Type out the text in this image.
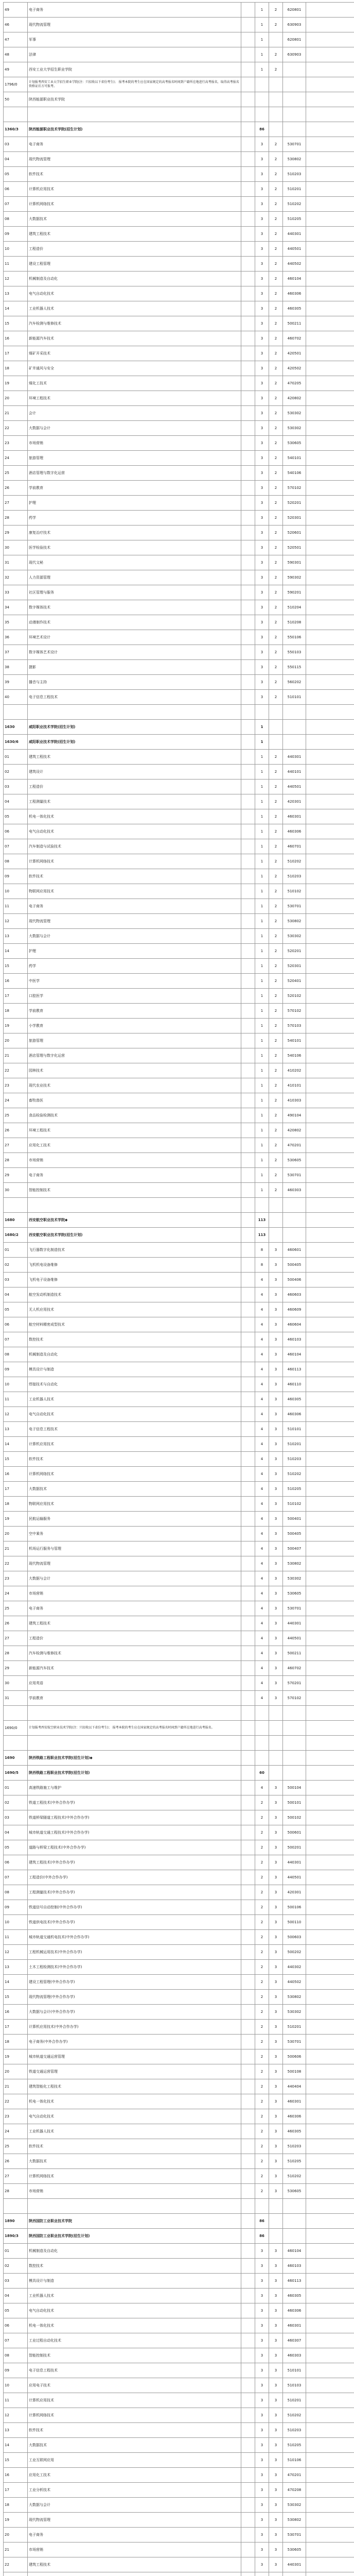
49	电子商务		1	2	620801	
46	现代物流管理		1	2	630903	
47	军事		1		620801	
48	法律		1	2	630903	
49	西安工业大学招生职业学院		1	2		
1796/0	计划报考西安工业大学招生职业学院(注：只招收以下省份考生)； 报考本院的考生应在国家规定的高考报名时间到户籍所在地进行高考报名，取得高考报名资格证后方可报考。					
50	陕西能源职业技术学院					

1360/3	陕西能源职业技术学院(招生计划)		86			
03	电子商务		3	2	530701	
04	现代物流管理		3	2	530802	
05	软件技术		3	2	510203	
06	计算机应用技术		3	2	510201	
07	计算机网络技术		3	2	510202	
08	大数据技术		3	2	510205	
09	建筑工程技术		3	2	440301	
10	工程造价		3	2	440501	
11	建设工程管理		3	2	440502	
12	机械制造及自动化		3	2	460104	
13	电气自动化技术		3	2	460306	
14	工业机器人技术		3	2	460305	
15	汽车检测与维修技术		3	2	500211	
16	新能源汽车技术		3	2	460702	
17	煤矿开采技术		3	2	420501	
18	矿井通风与安全		3	2	420502	
19	煤化工技术		3	2	470205	
20	环境工程技术		3	2	420802	
21	会计		3	2	530302	
22	大数据与会计		3	2	530302	
23	市场营销		3	2	530605	
24	旅游管理		3	2	540101	
25	酒店管理与数字化运营		3	2	540106	
26	学前教育		3	2	570102	
27	护理		3	2	520201	
28	药学		3	2	520301	
29	康复治疗技术		3	2	520601	
30	医学检验技术		3	2	520501	
31	现代文秘		3	2	590301	
32	人力资源管理		3	2	590302	
33	社区管理与服务		3	2	590201	
34	数字媒体技术		3	2	510204	
35	动漫制作技术		3	2	510208	
36	环境艺术设计		3	2	550106	
37	数字媒体艺术设计		3	2	550103	
38	摄影		3	2	550115	
39	播音与主持		3	2	560202	
40	电子信息工程技术		3	2	510101	

1630	咸阳职业技术学院(招生计划)		1			
1630/6	咸阳职业技术学院(招生计划)		1			
01	建筑工程技术		1	2	440301	
02	建筑设计		1	2	440101	
03	工程造价		1	2	440501	
04	工程测量技术		1	2	420301	
05	机电一体化技术		1	2	460301	
06	电气自动化技术		1	2	460306	
07	汽车制造与试验技术		1	2	460701	
08	计算机网络技术		1	2	510202	
09	软件技术		1	2	510203	
10	物联网应用技术		1	2	510102	
11	电子商务		1	2	530701	
12	现代物流管理		1	2	530802	
13	大数据与会计		1	2	530302	
14	护理		1	2	520201	
15	药学		1	2	520301	
16	中医学		1	2	520401	
17	口腔医学		1	2	520102	
18	学前教育		1	2	570102	
19	小学教育		1	2	570103	
20	旅游管理		1	2	540101	
21	酒店管理与数字化运营		1	2	540106	
22	园林技术		1	2	410202	
23	现代农业技术		1	2	410101	
24	畜牧兽医		1	2	410303	
25	食品检验检测技术		1	2	490104	
26	环境工程技术		1	2	420802	
27	应用化工技术		1	2	470201	
28	市场营销		1	2	530605	
29	电子商务		1	2	530701	
30	智能控制技术		1	2	460303	

1680	西安航空职业技术学院◆		113			
1680/2	西安航空职业技术学院(招生计划)		113			
01	飞行器数字化制造技术		8	3	460601	
02	飞机机电设备维修		8	3	500405	
03	飞机电子设备维修		4	3	500406	
04	航空发动机制造技术		4	3	460603	
05	无人机应用技术		4	3	460609	
06	航空材料精密成型技术		4	3	460604	
07	数控技术		4	3	460103	
08	机械制造及自动化		4	3	460104	
09	模具设计与制造		4	3	460113	
10	焊接技术与自动化		4	3	460110	
11	工业机器人技术		4	3	460305	
12	电气自动化技术		4	3	460306	
13	电子信息工程技术		4	3	510101	
14	计算机应用技术		4	3	510201	
15	软件技术		4	3	510203	
16	计算机网络技术		4	3	510202	
17	大数据技术		4	3	510205	
18	物联网应用技术		4	3	510102	
19	民航运输服务		4	3	500401	
20	空中乘务		4	3	500405	
21	机场运行服务与管理		4	3	500407	
22	现代物流管理		4	3	530802	
23	大数据与会计		4	3	530302	
24	市场营销		4	3	530605	
25	电子商务		4	3	530701	
26	建筑工程技术		4	3	440301	
27	工程造价		4	3	440501	
28	汽车检测与维修技术		4	3	500211	
29	新能源汽车技术		4	3	460702	
30	应用英语		4	3	570201	
31	学前教育		4	3	570102	

1690/0	计划报考西安航空职业技术学院(注：只招收以下省份考生)； 报考本院的考生应在国家规定的高考报名时间到户籍所在地进行高考报名。					

1690	陕西铁路工程职业技术学院(招生计划)◆					
1690/5	陕西铁路工程职业技术学院(招生计划)		60			
01	高速铁路施工与维护		4	3	500104	
02	铁道工程技术(中外合作办学)		2	3	500101	
03	铁道桥梁隧道工程技术(中外合作办学)		2	3	500102	
04	城市轨道交通工程技术(中外合作办学)		2	3	500601	
05	道路与桥梁工程技术(中外合作办学)		2	3	500201	
06	建筑工程技术(中外合作办学)		2	3	440301	
07	工程造价(中外合作办学)		2	3	440501	
08	工程测量技术(中外合作办学)		2	3	420301	
09	铁道信号自动控制(中外合作办学)		2	3	500106	
10	铁道供电技术(中外合作办学)		2	3	500110	
11	城市轨道交通机电技术(中外合作办学)		2	3	500603	
12	工程机械运用技术(中外合作办学)		2	3	500202	
13	土木工程检测技术(中外合作办学)		2	3	440302	
14	建设工程管理(中外合作办学)		2	3	440502	
15	现代物流管理(中外合作办学)		2	3	530802	
16	大数据与会计(中外合作办学)		2	3	530302	
17	计算机应用技术(中外合作办学)		2	3	510201	
18	电子商务(中外合作办学)		2	3	530701	
19	城市轨道交通运营管理		2	3	500606	
20	铁道交通运营管理		2	3	500108	
21	建筑智能化工程技术		2	3	440404	
22	机电一体化技术		2	3	460301	
23	电气自动化技术		2	3	460306	
24	工业机器人技术		2	3	460305	
25	软件技术		2	3	510203	
26	大数据技术		2	3	510205	
27	计算机网络技术		2	3	510202	
28	市场营销		2	3	530605	

1890	陕西国防工业职业技术学院		86			
1890/3	陕西国防工业职业技术学院(招生计划)		86			
01	机械制造及自动化		3	3	460104	
02	数控技术		3	3	460103	
03	模具设计与制造		3	3	460113	
04	工业机器人技术		3	3	460305	
05	电气自动化技术		3	3	460306	
06	机电一体化技术		3	3	460301	
07	工业过程自动化技术		3	3	460307	
08	智能控制技术		3	3	460303	
09	电子信息工程技术		3	3	510101	
10	应用电子技术		3	3	510103	
11	计算机应用技术		3	3	510201	
12	计算机网络技术		3	3	510202	
13	软件技术		3	3	510203	
14	大数据技术		3	3	510205	
15	工业互联网应用		3	3	510106	
16	应用化工技术		3	3	470201	
17	工业分析技术		3	3	470208	
18	大数据与会计		3	3	530302	
19	现代物流管理		3	3	530802	
20	电子商务		3	3	530701	
21	市场营销		3	3	530605	
22	建筑工程技术		3	3	440301	
